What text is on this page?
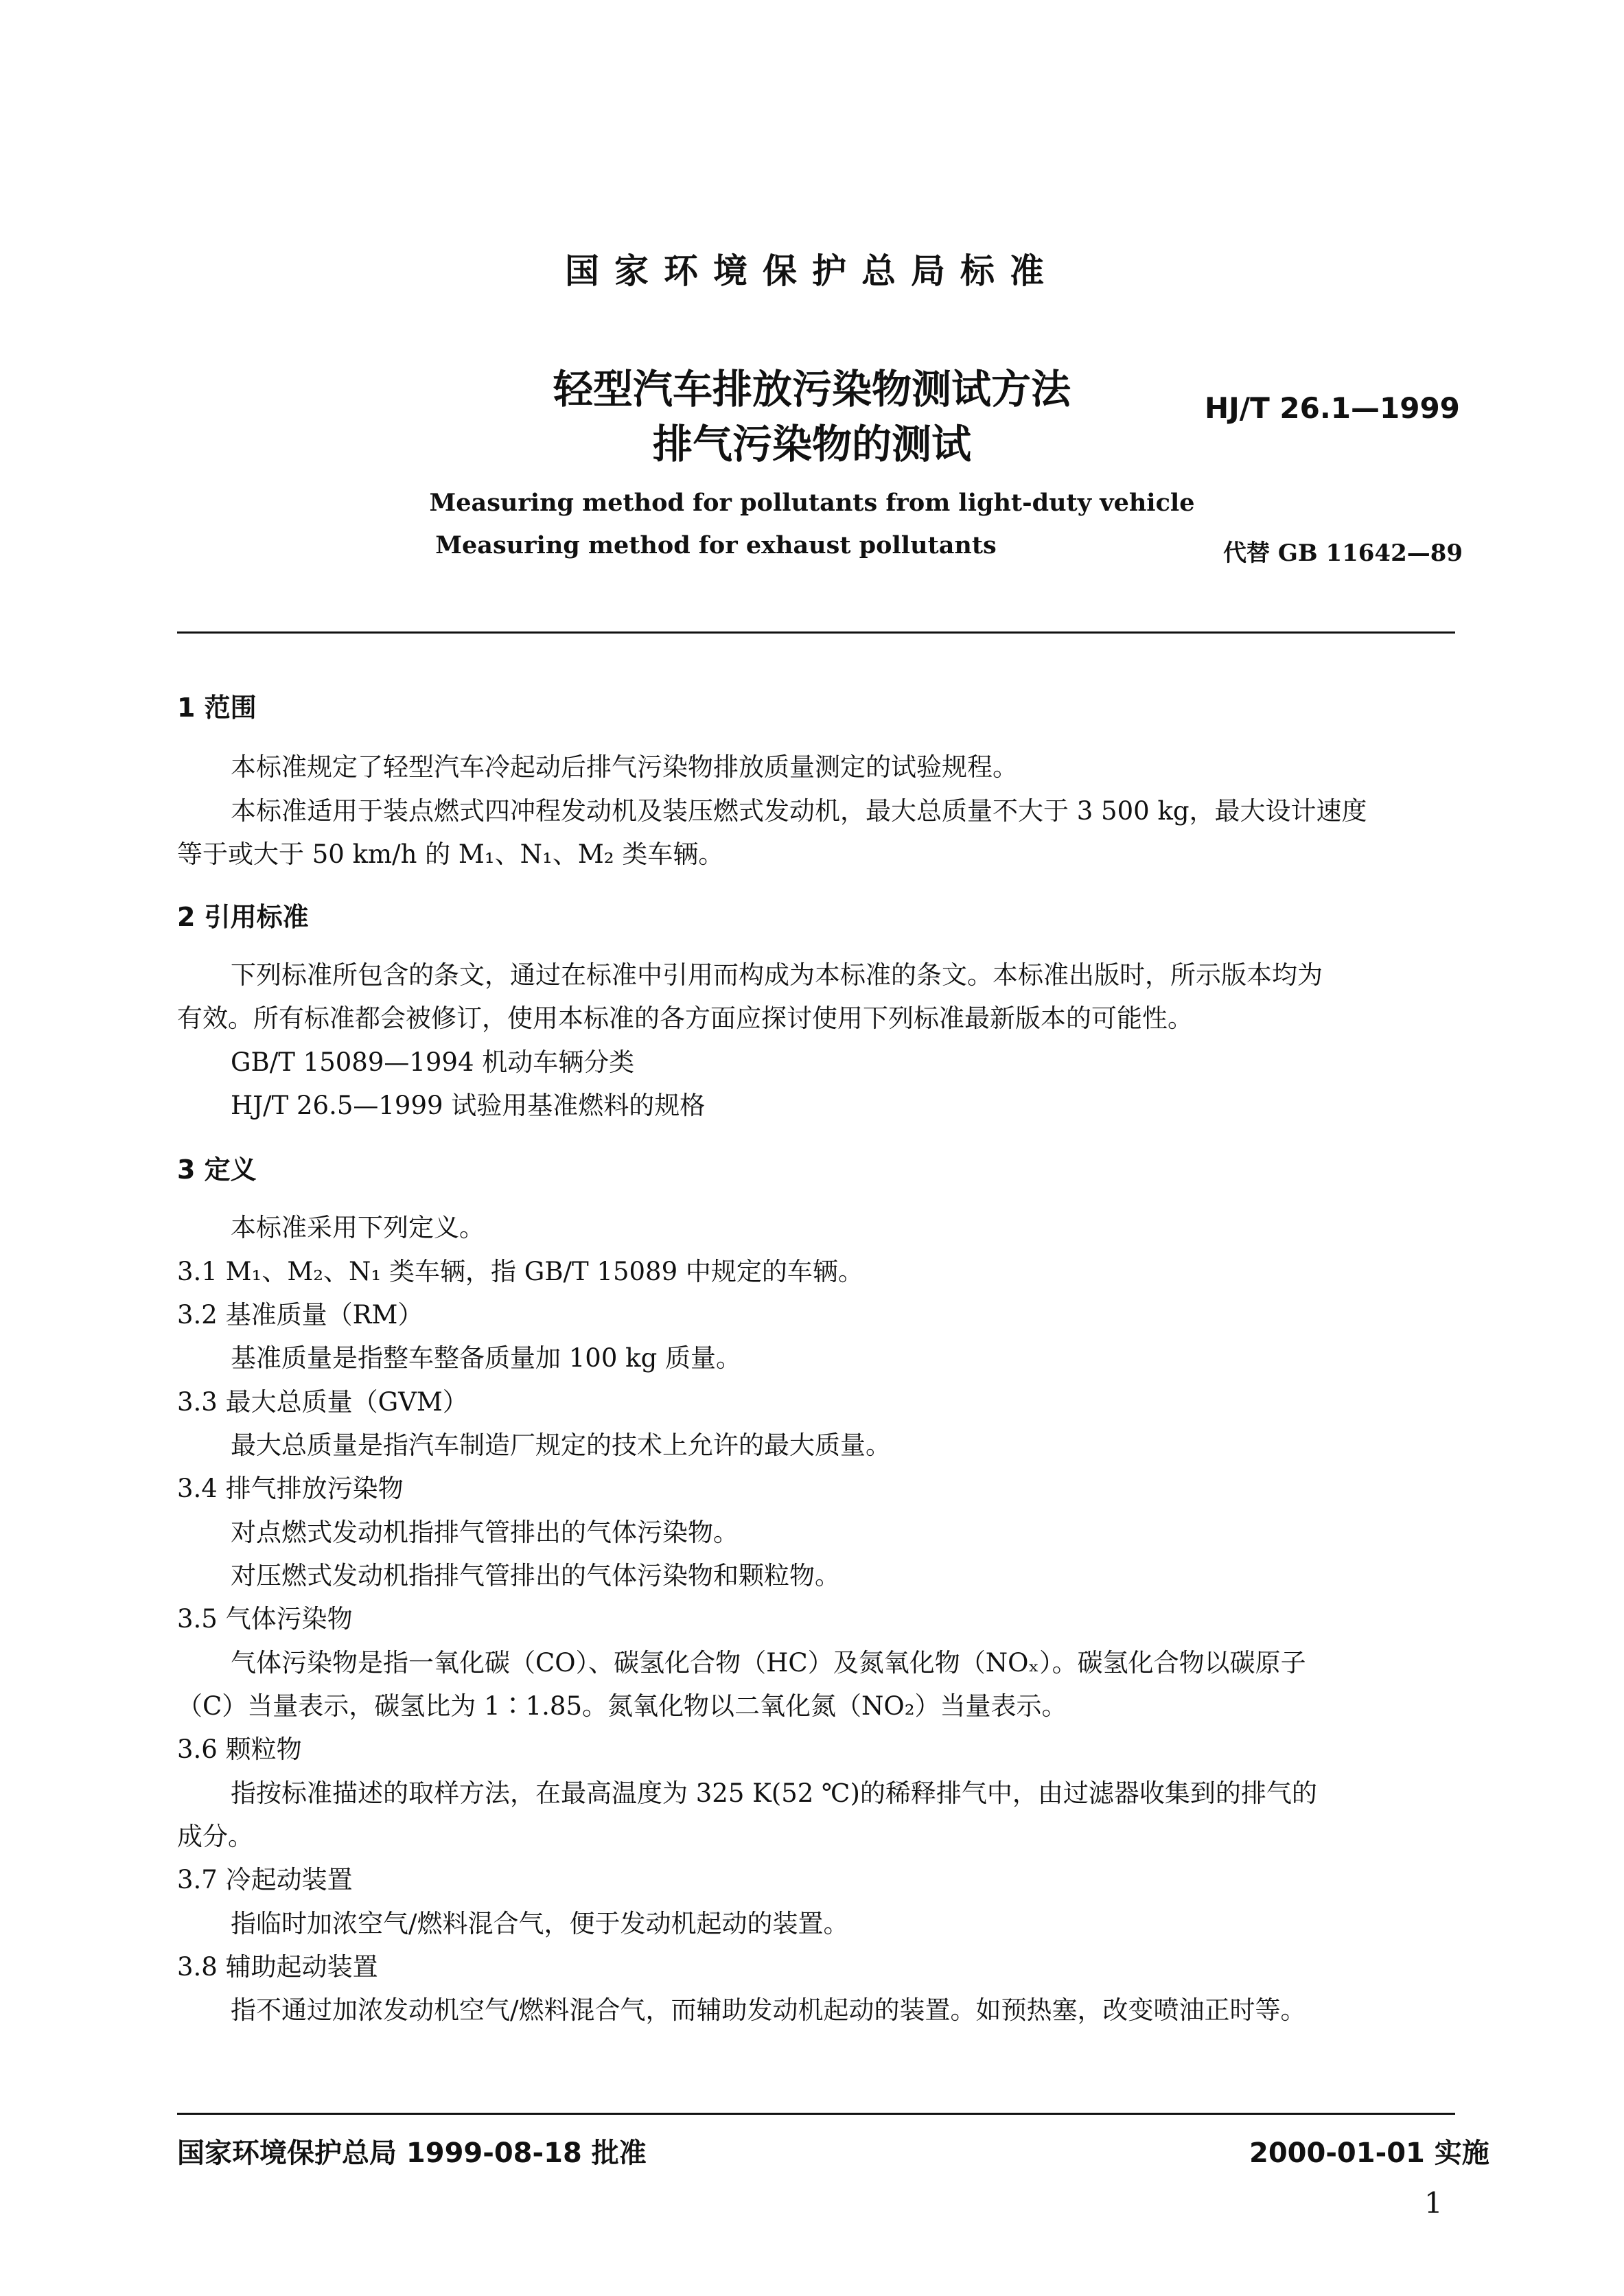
国家环境保护总局标准
轻型汽车排放污染物测试方法
排气污染物的测试
HJ/T 26.1—1999
Measuring method for pollutants from light-duty vehicle
Measuring method for exhaust pollutants	代替 GB 11642—89
1 范围
本标准规定了轻型汽车冷起动后排气污染物排放质量测定的试验规程。
本标准适用于装点燃式四冲程发动机及装压燃式发动机，最大总质量不大于 3 500 kg，最大设计速度
等于或大于 50 km/h 的 M₁、N₁、M₂ 类车辆。
2 引用标准
下列标准所包含的条文，通过在标准中引用而构成为本标准的条文。本标准出版时，所示版本均为
有效。所有标准都会被修订，使用本标准的各方面应探讨使用下列标准最新版本的可能性。
GB/T 15089—1994 机动车辆分类
HJ/T 26.5—1999 试验用基准燃料的规格
3 定义
本标准采用下列定义。
3.1 M₁、M₂、N₁ 类车辆，指 GB/T 15089 中规定的车辆。
3.2 基准质量（RM）
基准质量是指整车整备质量加 100 kg 质量。
3.3 最大总质量（GVM）
最大总质量是指汽车制造厂规定的技术上允许的最大质量。
3.4 排气排放污染物
对点燃式发动机指排气管排出的气体污染物。
对压燃式发动机指排气管排出的气体污染物和颗粒物。
3.5 气体污染物
气体污染物是指一氧化碳（CO）、碳氢化合物（HC）及氮氧化物（NOₓ）。碳氢化合物以碳原子
（C）当量表示，碳氢比为 1∶1.85。氮氧化物以二氧化氮（NO₂）当量表示。
3.6 颗粒物
指按标准描述的取样方法，在最高温度为 325 K(52 ℃)的稀释排气中，由过滤器收集到的排气的
成分。
3.7 冷起动装置
指临时加浓空气/燃料混合气，便于发动机起动的装置。
3.8 辅助起动装置
指不通过加浓发动机空气/燃料混合气，而辅助发动机起动的装置。如预热塞，改变喷油正时等。
国家环境保护总局 1999-08-18 批准	2000-01-01 实施
1
